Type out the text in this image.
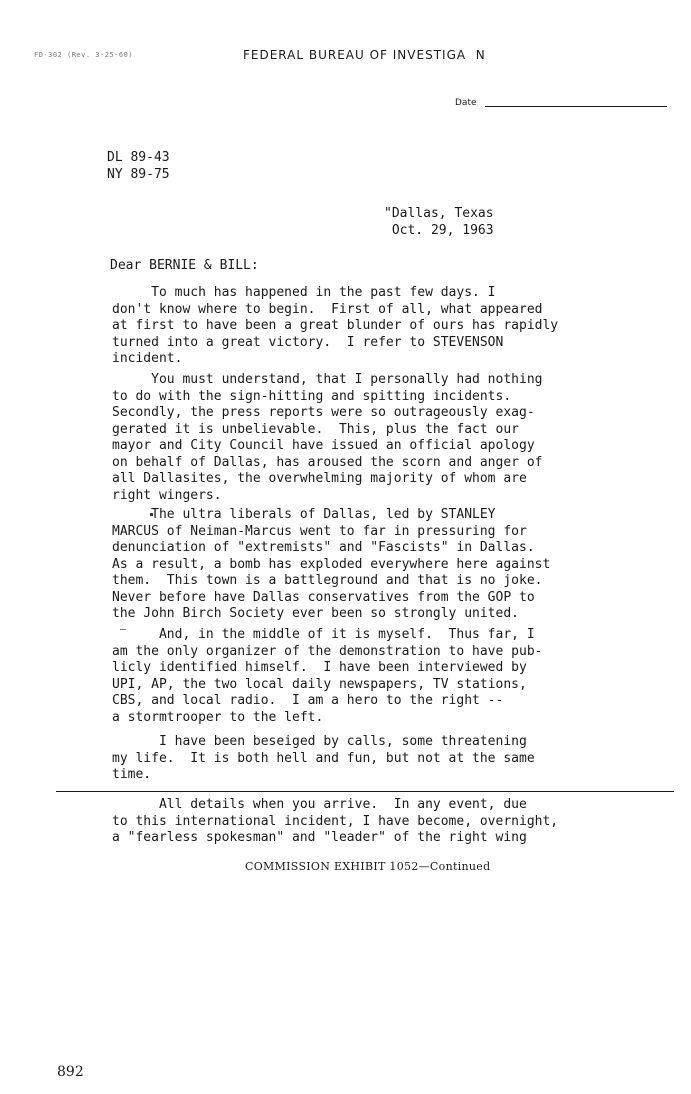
FD-302 (Rev. 3-25-60)	FEDERAL BUREAU OF INVESTIGA  N
Date
DL 89-43
NY 89-75
"Dallas, Texas
Oct. 29, 1963
Dear BERNIE & BILL:
To much has happened in the past few days. I
don't know where to begin.  First of all, what appeared
at first to have been a great blunder of ours has rapidly
turned into a great victory.  I refer to STEVENSON
incident.
You must understand, that I personally had nothing
to do with the sign-hitting and spitting incidents.
Secondly, the press reports were so outrageously exag-
gerated it is unbelievable.  This, plus the fact our
mayor and City Council have issued an official apology
on behalf of Dallas, has aroused the scorn and anger of
all Dallasites, the overwhelming majority of whom are
right wingers.
The ultra liberals of Dallas, led by STANLEY
MARCUS of Neiman-Marcus went to far in pressuring for
denunciation of "extremists" and "Fascists" in Dallas.
As a result, a bomb has exploded everywhere here against
them.  This town is a battleground and that is no joke.
Never before have Dallas conservatives from the GOP to
the John Birch Society ever been so strongly united.
And, in the middle of it is myself.  Thus far, I
am the only organizer of the demonstration to have pub-
licly identified himself.  I have been interviewed by
UPI, AP, the two local daily newspapers, TV stations,
CBS, and local radio.  I am a hero to the right --
a stormtrooper to the left.
I have been beseiged by calls, some threatening
my life.  It is both hell and fun, but not at the same
time.
All details when you arrive.  In any event, due
to this international incident, I have become, overnight,
a "fearless spokesman" and "leader" of the right wing
COMMISSION EXHIBIT 1052—Continued
892
